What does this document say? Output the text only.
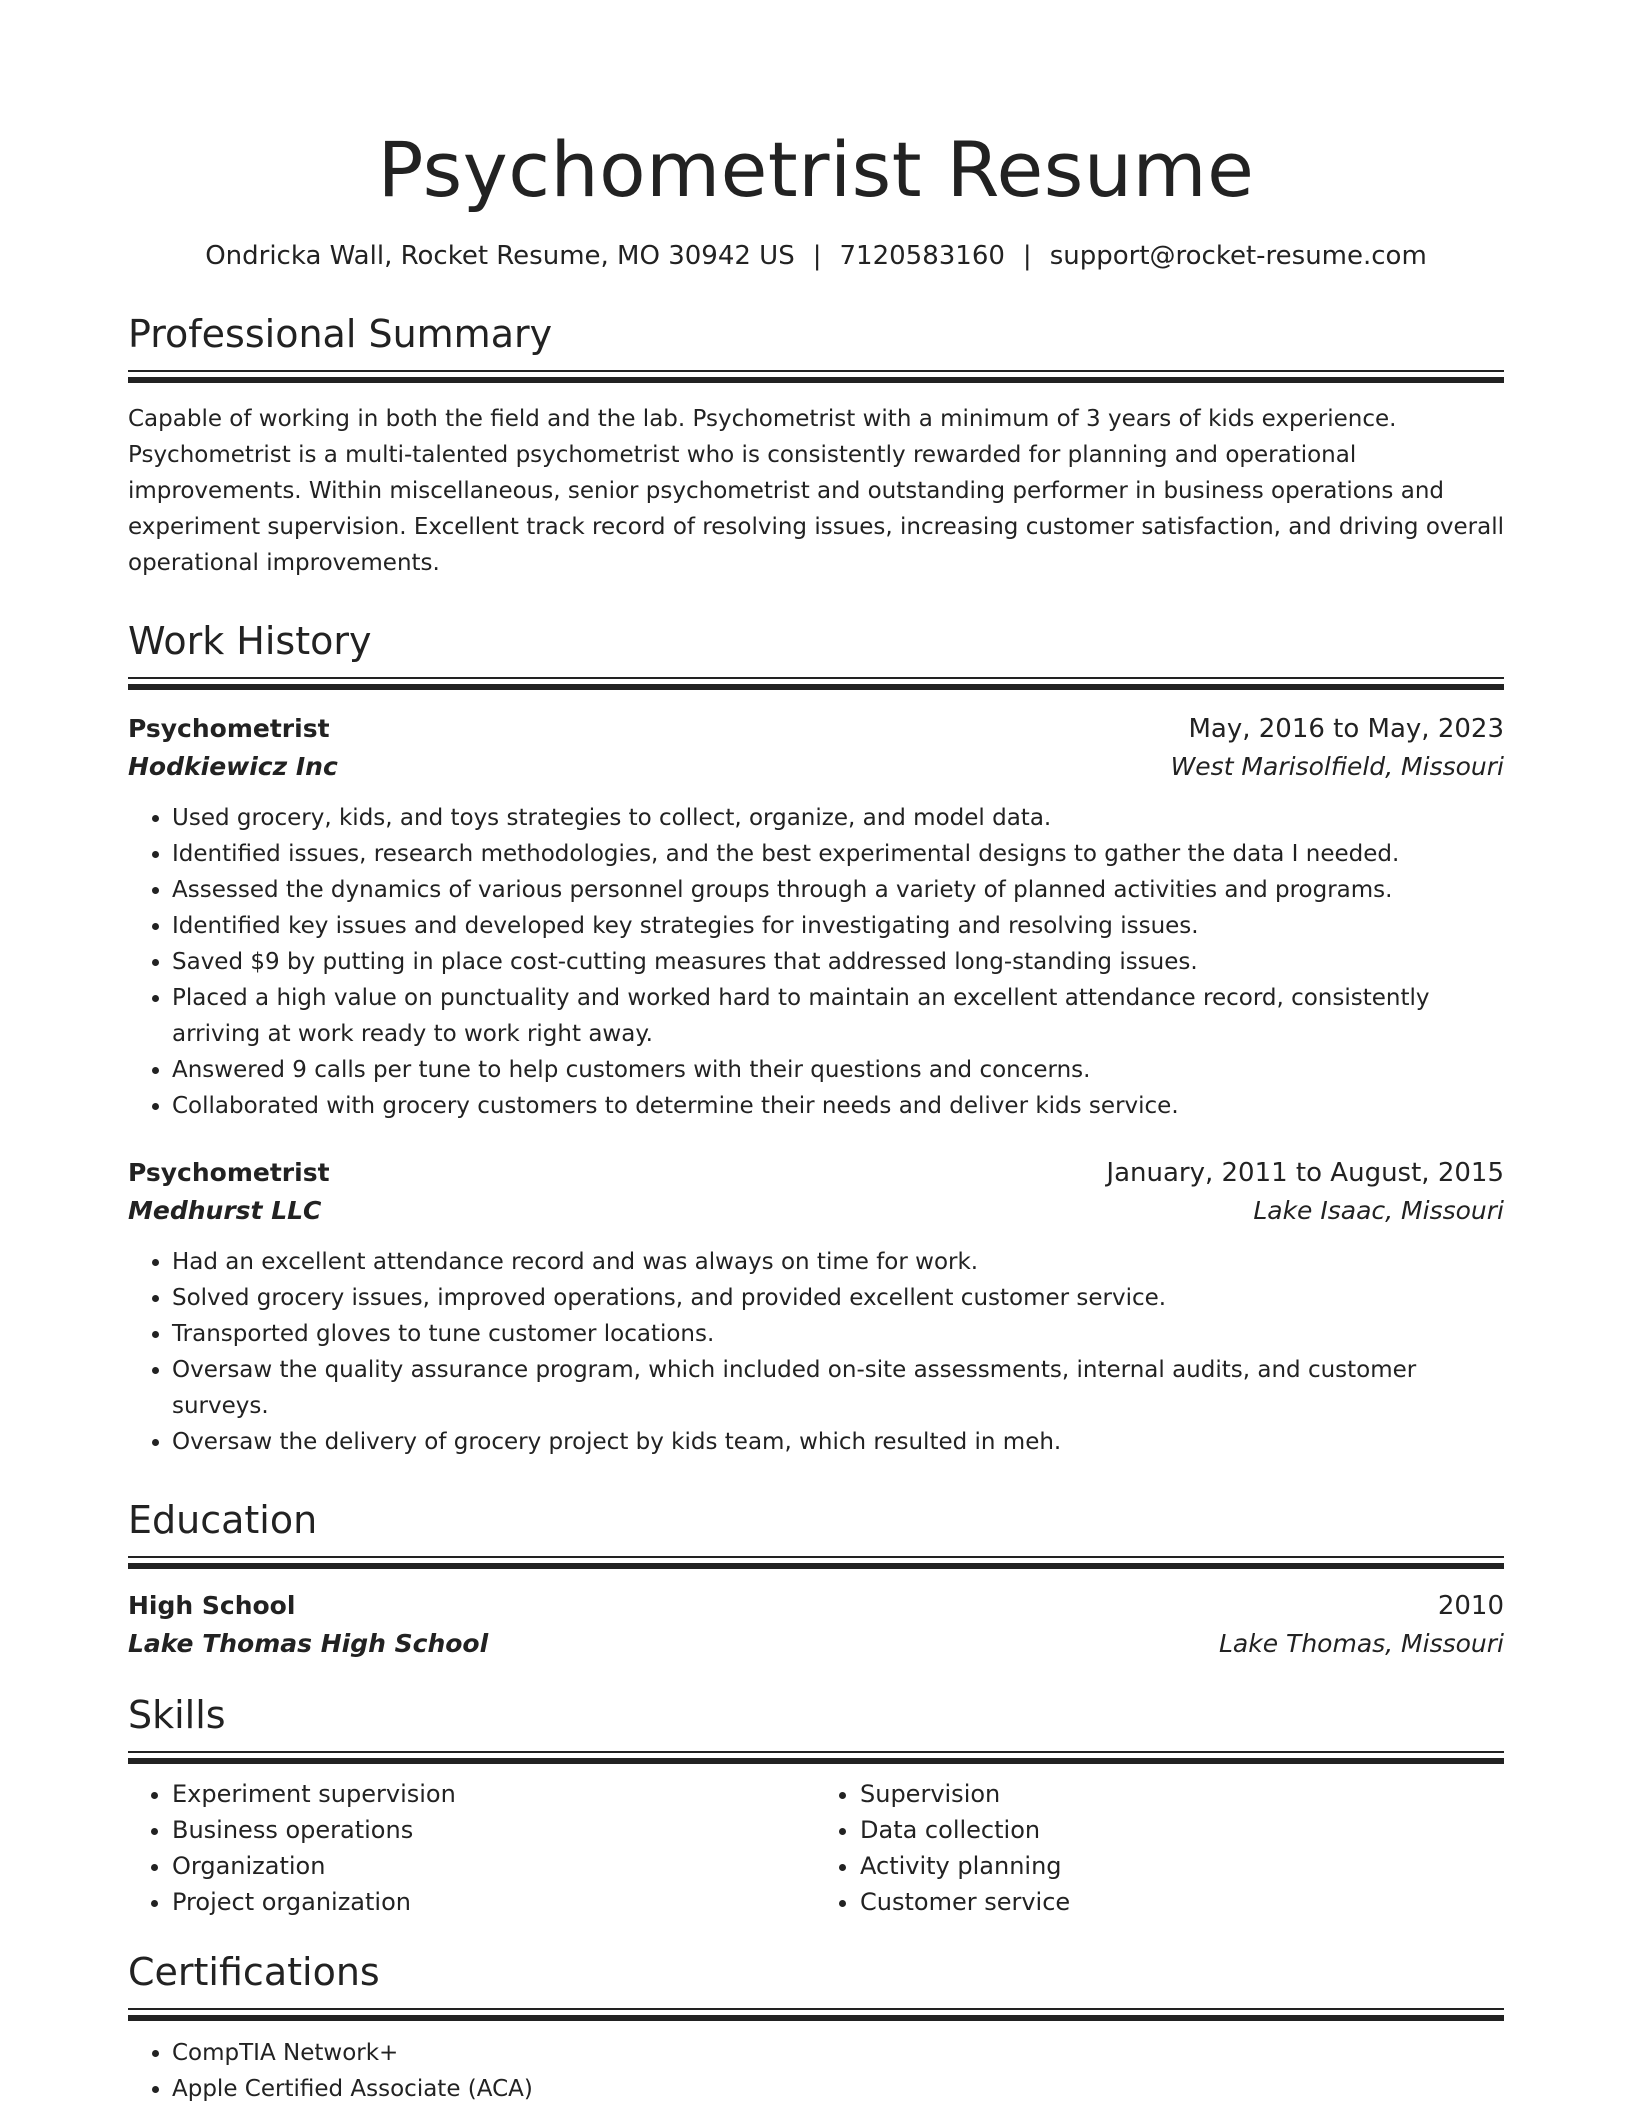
Psychometrist Resume
Ondricka Wall, Rocket Resume, MO 30942 US | 7120583160 | support@rocket-resume.com
Professional Summary
Capable of working in both the field and the lab. Psychometrist with a minimum of 3 years of kids experience. Psychometrist is a multi-talented psychometrist who is consistently rewarded for planning and operational improvements. Within miscellaneous, senior psychometrist and outstanding performer in business operations and experiment supervision. Excellent track record of resolving issues, increasing customer satisfaction, and driving overall operational improvements.
Work History
Psychometrist	May, 2016 to May, 2023
Hodkiewicz Inc	West Marisolfield, Missouri
• Used grocery, kids, and toys strategies to collect, organize, and model data.
• Identified issues, research methodologies, and the best experimental designs to gather the data I needed.
• Assessed the dynamics of various personnel groups through a variety of planned activities and programs.
• Identified key issues and developed key strategies for investigating and resolving issues.
• Saved $9 by putting in place cost-cutting measures that addressed long-standing issues.
• Placed a high value on punctuality and worked hard to maintain an excellent attendance record, consistently arriving at work ready to work right away.
• Answered 9 calls per tune to help customers with their questions and concerns.
• Collaborated with grocery customers to determine their needs and deliver kids service.
Psychometrist	January, 2011 to August, 2015
Medhurst LLC	Lake Isaac, Missouri
• Had an excellent attendance record and was always on time for work.
• Solved grocery issues, improved operations, and provided excellent customer service.
• Transported gloves to tune customer locations.
• Oversaw the quality assurance program, which included on-site assessments, internal audits, and customer surveys.
• Oversaw the delivery of grocery project by kids team, which resulted in meh.
Education
High School	2010
Lake Thomas High School	Lake Thomas, Missouri
Skills
• Experiment supervision
• Business operations
• Organization
• Project organization
• Supervision
• Data collection
• Activity planning
• Customer service
Certifications
• CompTIA Network+
• Apple Certified Associate (ACA)
